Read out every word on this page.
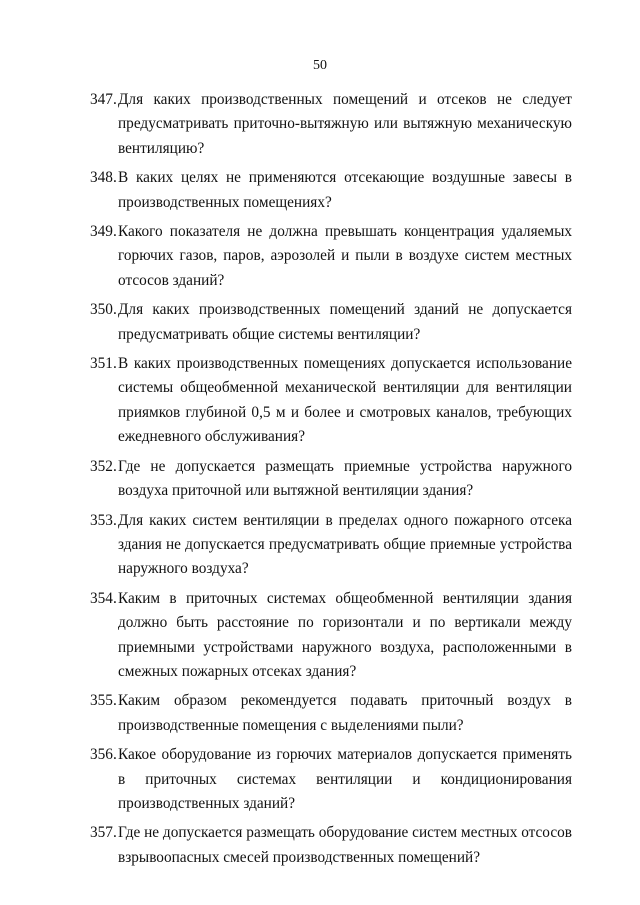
50
347. Для каких производственных помещений и отсеков не следует предусматривать приточно-вытяжную или вытяжную механическую вентиляцию?
348. В каких целях не применяются отсекающие воздушные завесы в производственных помещениях?
349. Какого показателя не должна превышать концентрация удаляемых горючих газов, паров, аэрозолей и пыли в воздухе систем местных отсосов зданий?
350. Для каких производственных помещений зданий не допускается предусматривать общие системы вентиляции?
351. В каких производственных помещениях допускается использование системы общеобменной механической вентиляции для вентиляции приямков глубиной 0,5 м и более и смотровых каналов, требующих ежедневного обслуживания?
352. Где не допускается размещать приемные устройства наружного воздуха приточной или вытяжной вентиляции здания?
353. Для каких систем вентиляции в пределах одного пожарного отсека здания не допускается предусматривать общие приемные устройства наружного воздуха?
354. Каким в приточных системах общеобменной вентиляции здания должно быть расстояние по горизонтали и по вертикали между приемными устройствами наружного воздуха, расположенными в смежных пожарных отсеках здания?
355. Каким образом рекомендуется подавать приточный воздух в производственные помещения с выделениями пыли?
356. Какое оборудование из горючих материалов допускается применять в приточных системах вентиляции и кондиционирования производственных зданий?
357. Где не допускается размещать оборудование систем местных отсосов взрывоопасных смесей производственных помещений?
